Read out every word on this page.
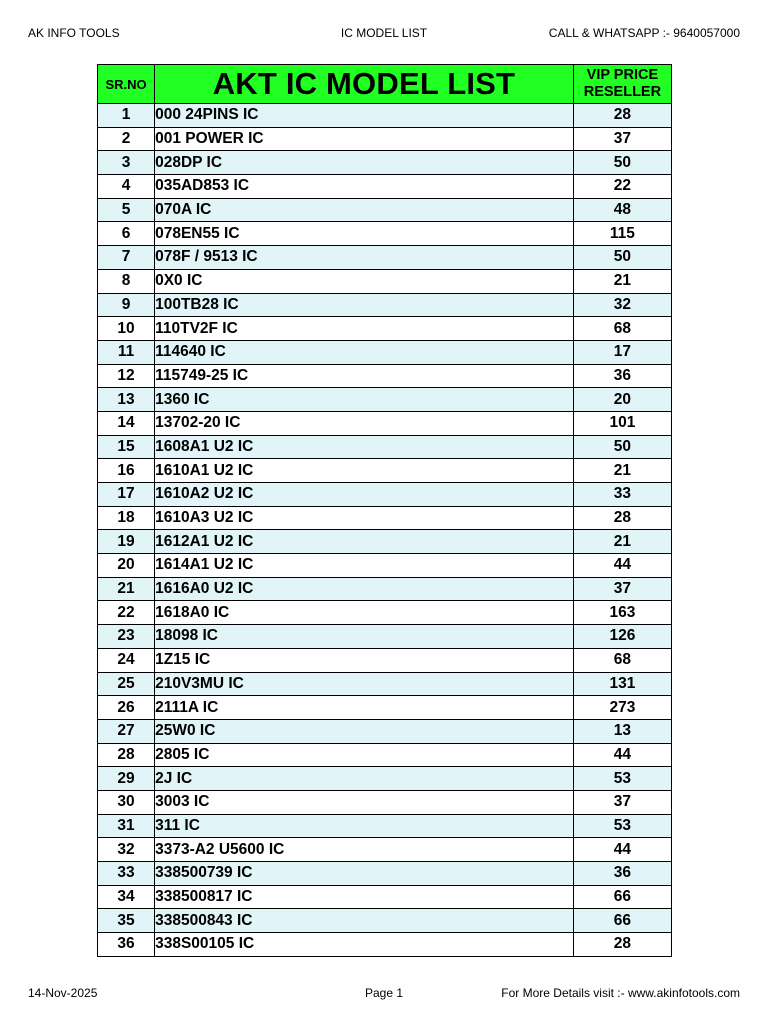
AK INFO TOOLS	IC MODEL LIST	CALL & WHATSAPP :- 9640057000
SR.NO	AKT IC MODEL LIST	VIP PRICE
RESELLER

1	000 24PINS IC	28
2	001 POWER IC	37
3	028DP IC	50
4	035AD853 IC	22
5	070A IC	48
6	078EN55 IC	115
7	078F / 9513 IC	50
8	0X0 IC	21
9	100TB28 IC	32
10	110TV2F IC	68
11	114640 IC	17
12	115749-25 IC	36
13	1360 IC	20
14	13702-20 IC	101
15	1608A1 U2 IC	50
16	1610A1 U2 IC	21
17	1610A2 U2 IC	33
18	1610A3 U2 IC	28
19	1612A1 U2 IC	21
20	1614A1 U2 IC	44
21	1616A0 U2 IC	37
22	1618A0 IC	163
23	18098 IC	126
24	1Z15 IC	68
25	210V3MU IC	131
26	2111A IC	273
27	25W0 IC	13
28	2805 IC	44
29	2J IC	53
30	3003 IC	37
31	311 IC	53
32	3373-A2 U5600 IC	44
33	338500739 IC	36
34	338500817 IC	66
35	338500843 IC	66
36	338S00105 IC	28
14-Nov-2025	Page 1	For More Details visit :- www.akinfotools.com
